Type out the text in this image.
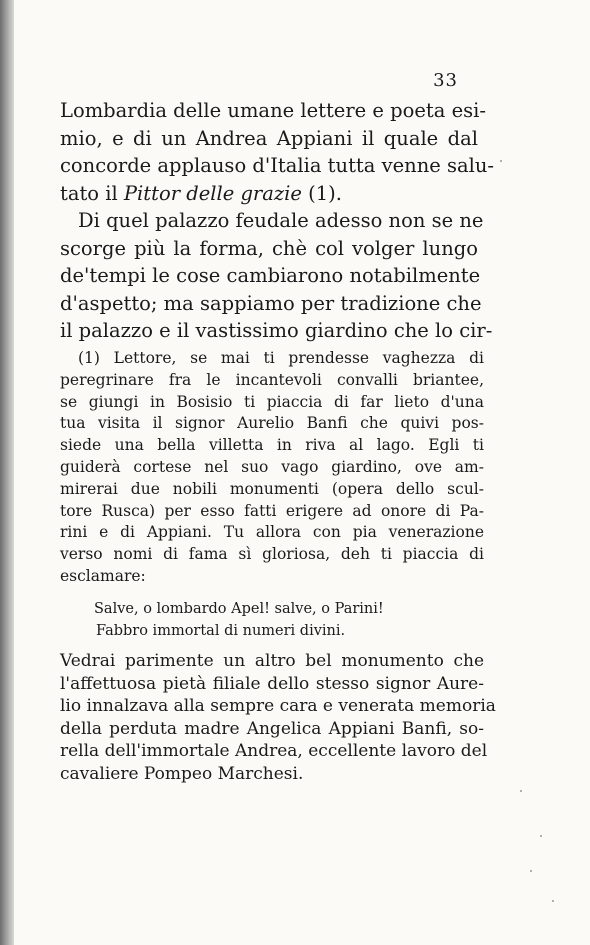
33
Lombardia delle umane lettere e poeta esi-
mio, e di un Andrea Appiani il quale dal
concorde applauso d'Italia tutta venne salu-
tato il Pittor delle grazie (1).
Di quel palazzo feudale adesso non se ne
scorge più la forma, chè col volger lungo
de'tempi le cose cambiarono notabilmente
d'aspetto; ma sappiamo per tradizione che
il palazzo e il vastissimo giardino che lo cir-
(1) Lettore, se mai ti prendesse vaghezza di
peregrinare fra le incantevoli convalli briantee,
se giungi in Bosisio ti piaccia di far lieto d'una
tua visita il signor Aurelio Banfi che quivi pos-
siede una bella villetta in riva al lago. Egli ti
guiderà cortese nel suo vago giardino, ove am-
mirerai due nobili monumenti (opera dello scul-
tore Rusca) per esso fatti erigere ad onore di Pa-
rini e di Appiani. Tu allora con pia venerazione
verso nomi di fama sì gloriosa, deh ti piaccia di
esclamare:
Salve, o lombardo Apel! salve, o Parini!
Fabbro immortal di numeri divini.
Vedrai parimente un altro bel monumento che
l'affettuosa pietà filiale dello stesso signor Aure-
lio innalzava alla sempre cara e venerata memoria
della perduta madre Angelica Appiani Banfi, so-
rella dell'immortale Andrea, eccellente lavoro del
cavaliere Pompeo Marchesi.
